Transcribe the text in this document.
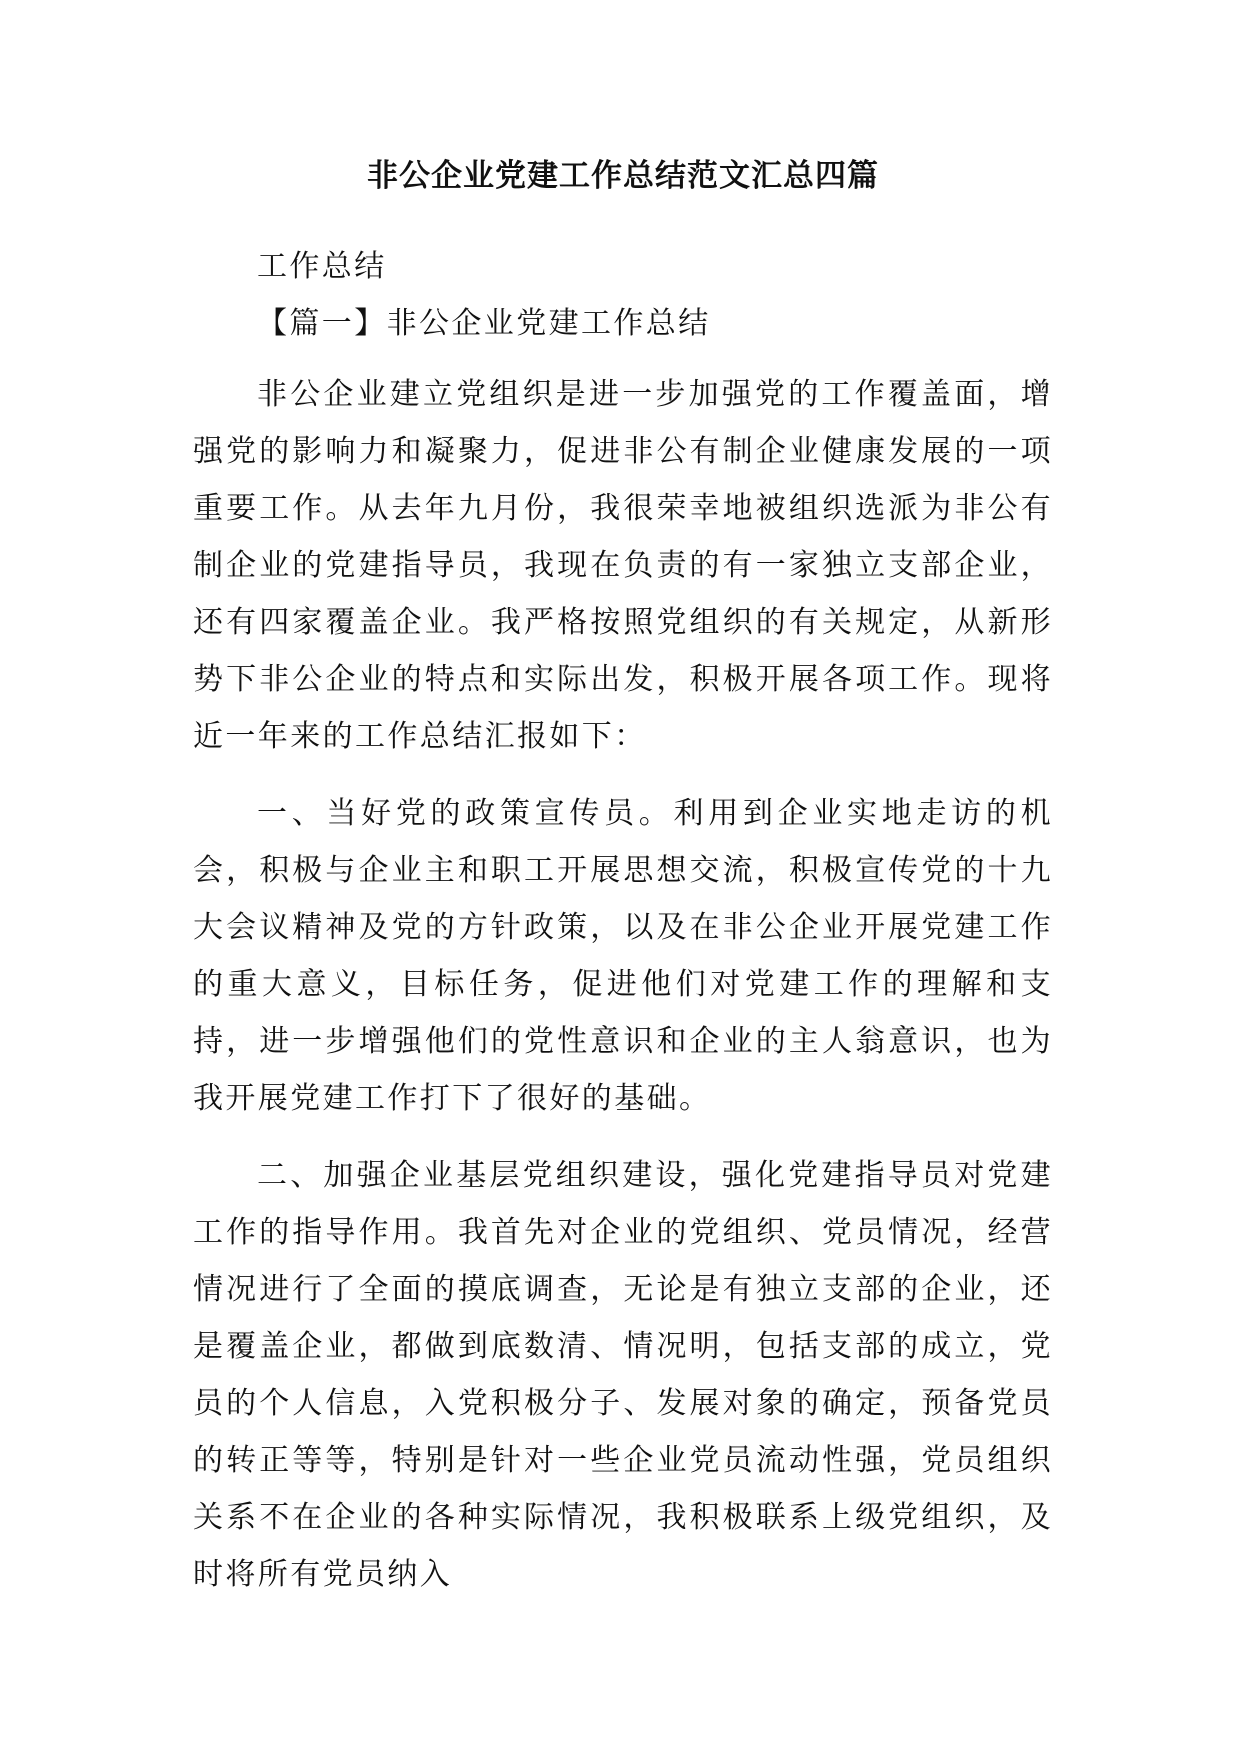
非公企业党建工作总结范文汇总四篇

工作总结

【篇一】非公企业党建工作总结

非公企业建立党组织是进一步加强党的工作覆盖面，增强党的影响力和凝聚力，促进非公有制企业健康发展的一项重要工作。从去年九月份，我很荣幸地被组织选派为非公有制企业的党建指导员，我现在负责的有一家独立支部企业，还有四家覆盖企业。我严格按照党组织的有关规定，从新形势下非公企业的特点和实际出发，积极开展各项工作。现将近一年来的工作总结汇报如下：

一、当好党的政策宣传员。利用到企业实地走访的机会，积极与企业主和职工开展思想交流，积极宣传党的十九大会议精神及党的方针政策，以及在非公企业开展党建工作的重大意义，目标任务，促进他们对党建工作的理解和支持，进一步增强他们的党性意识和企业的主人翁意识，也为我开展党建工作打下了很好的基础。

二、加强企业基层党组织建设，强化党建指导员对党建工作的指导作用。我首先对企业的党组织、党员情况，经营情况进行了全面的摸底调查，无论是有独立支部的企业，还是覆盖企业，都做到底数清、情况明，包括支部的成立，党员的个人信息，入党积极分子、发展对象的确定，预备党员的转正等等，特别是针对一些企业党员流动性强，党员组织关系不在企业的各种实际情况，我积极联系上级党组织，及时将所有党员纳入
